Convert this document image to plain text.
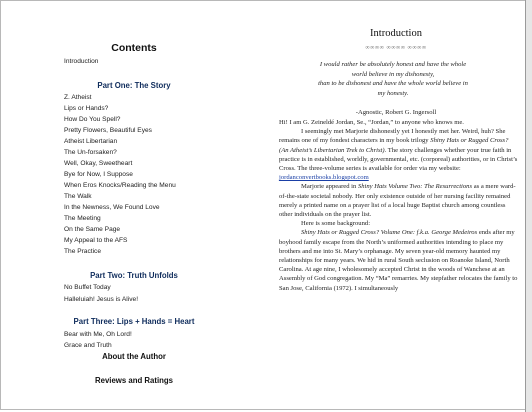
Contents
Introduction
Part One: The Story
Z. Atheist
Lips or Hands?
How Do You Spell?
Pretty Flowers, Beautiful Eyes
Atheist Libertarian
The Un-forsaken?
Well, Okay, Sweetheart
Bye for Now, I Suppose
When Eros Knocks/Reading the Menu
The Walk
In the Newness, We Found Love
The Meeting
On the Same Page
My Appeal to the AFS
The Practice
Part Two: Truth Unfolds
No Buffet Today
Halleluiah! Jesus is Alive!
Part Three: Lips + Hands = Heart
Bear with Me, Oh Lord!
Grace and Truth
About the Author
Reviews and Ratings
Introduction
∞∞∞∞ ∞∞∞∞ ∞∞∞∞
I would rather be absolutely honest and have the whole
world believe in my dishonesty,
than to be dishonest and have the whole world believe in
my honesty.
-Agnostic, Robert G. Ingersoll

Hi! I am G. Zeineldé Jordan, Se., “Jordan,” to anyone who knows me.

I seemingly met Marjorie dishonestly yet I honestly met her. Weird, huh? She remains one of my fondest characters in my book trilogy Shiny Hats or Rugged Cross? (An Atheist’s Libertarian Trek to Christ). The story challenges whether your true faith in practice is in established, worldly, governmental, etc. (corporeal) authorities, or in Christ’s Cross. The three-volume series is available for order via my website:

jordanconvertbooks.blogspot.com

Marjorie appeared in Shiny Hats Volume Two: The Resurrections as a mere ward-of-the-state societal nobody. Her only existence outside of her nursing facility remained merely a printed name on a prayer list of a local huge Baptist church among countless other individuals on the prayer list.

Here is some background:

Shiny Hats or Rugged Cross? Volume One: f.k.a. George Medeiros ends after my boyhood family escape from the North’s uniformed authorities intending to place my brothers and me into St. Mary’s orphanage. My seven year-old memory haunted my relationships for many years. We hid in rural South seclusion on Roanoke Island, North Carolina. At age nine, I wholesomely accepted Christ in the woods of Wanchese at an Assembly of God congregation. My “Ma” remarries. My stepfather relocates the family to San Jose, California (1972). I simultaneously
